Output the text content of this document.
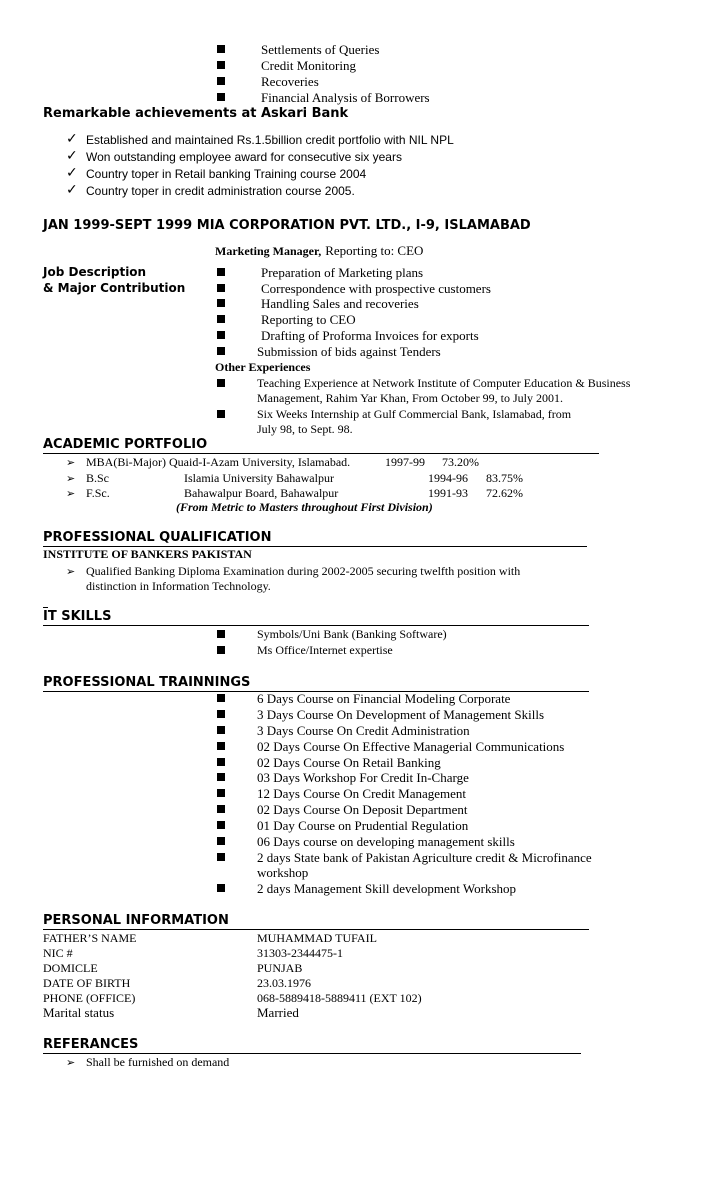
Settlements of Queries
Credit Monitoring
Recoveries
Financial Analysis of Borrowers
Remarkable achievements at Askari Bank
✓ Established and maintained Rs.1.5billion credit portfolio with NIL NPL
✓ Won outstanding employee award for consecutive six years
✓ Country toper in Retail banking Training course 2004
✓ Country toper in credit administration course 2005.
JAN 1999-SEPT 1999 MIA CORPORATION PVT. LTD., I-9, ISLAMABAD
Marketing Manager, Reporting to: CEO
Job Description
& Major Contribution
Preparation of Marketing plans
Correspondence with prospective customers
Handling Sales and recoveries
Reporting to CEO
Drafting of Proforma Invoices for exports
Submission of bids against Tenders
Other Experiences
Teaching Experience at Network Institute of Computer Education & Business
Management, Rahim Yar Khan, From October 99, to July 2001.
Six Weeks Internship at Gulf Commercial Bank, Islamabad, from
July 98, to Sept. 98.
ACADEMIC PORTFOLIO
➢ MBA(Bi-Major) Quaid-I-Azam University, Islamabad.	1997-99 73.20%
➢ B.Sc	Islamia University Bahawalpur	1994-96 83.75%
➢ F.Sc.	Bahawalpur Board, Bahawalpur	1991-93 72.62%
(From Metric to Masters throughout First Division)
PROFESSIONAL QUALIFICATION
INSTITUTE OF BANKERS PAKISTAN
➢ Qualified Banking Diploma Examination during 2002-2005 securing twelfth position with
distinction in Information Technology.
IT SKILLS
Symbols/Uni Bank (Banking Software)
Ms Office/Internet expertise
PROFESSIONAL TRAINNINGS
6 Days Course on Financial Modeling Corporate
3 Days Course On Development of Management Skills
3 Days Course On Credit Administration
02 Days Course On Effective Managerial Communications
02 Days Course On Retail Banking
03 Days Workshop For Credit In-Charge
12 Days Course On Credit Management
02 Days Course On Deposit Department
01 Day Course on Prudential Regulation
06 Days course on developing management skills
2 days State bank of Pakistan Agriculture credit & Microfinance
workshop
2 days Management Skill development Workshop
PERSONAL INFORMATION
FATHER’S NAME	MUHAMMAD TUFAIL
NIC #	31303-2344475-1
DOMICLE	PUNJAB
DATE OF BIRTH	23.03.1976
PHONE (OFFICE)	068-5889418-5889411 (EXT 102)
Marital status	Married
REFERANCES
➢ Shall be furnished on demand
